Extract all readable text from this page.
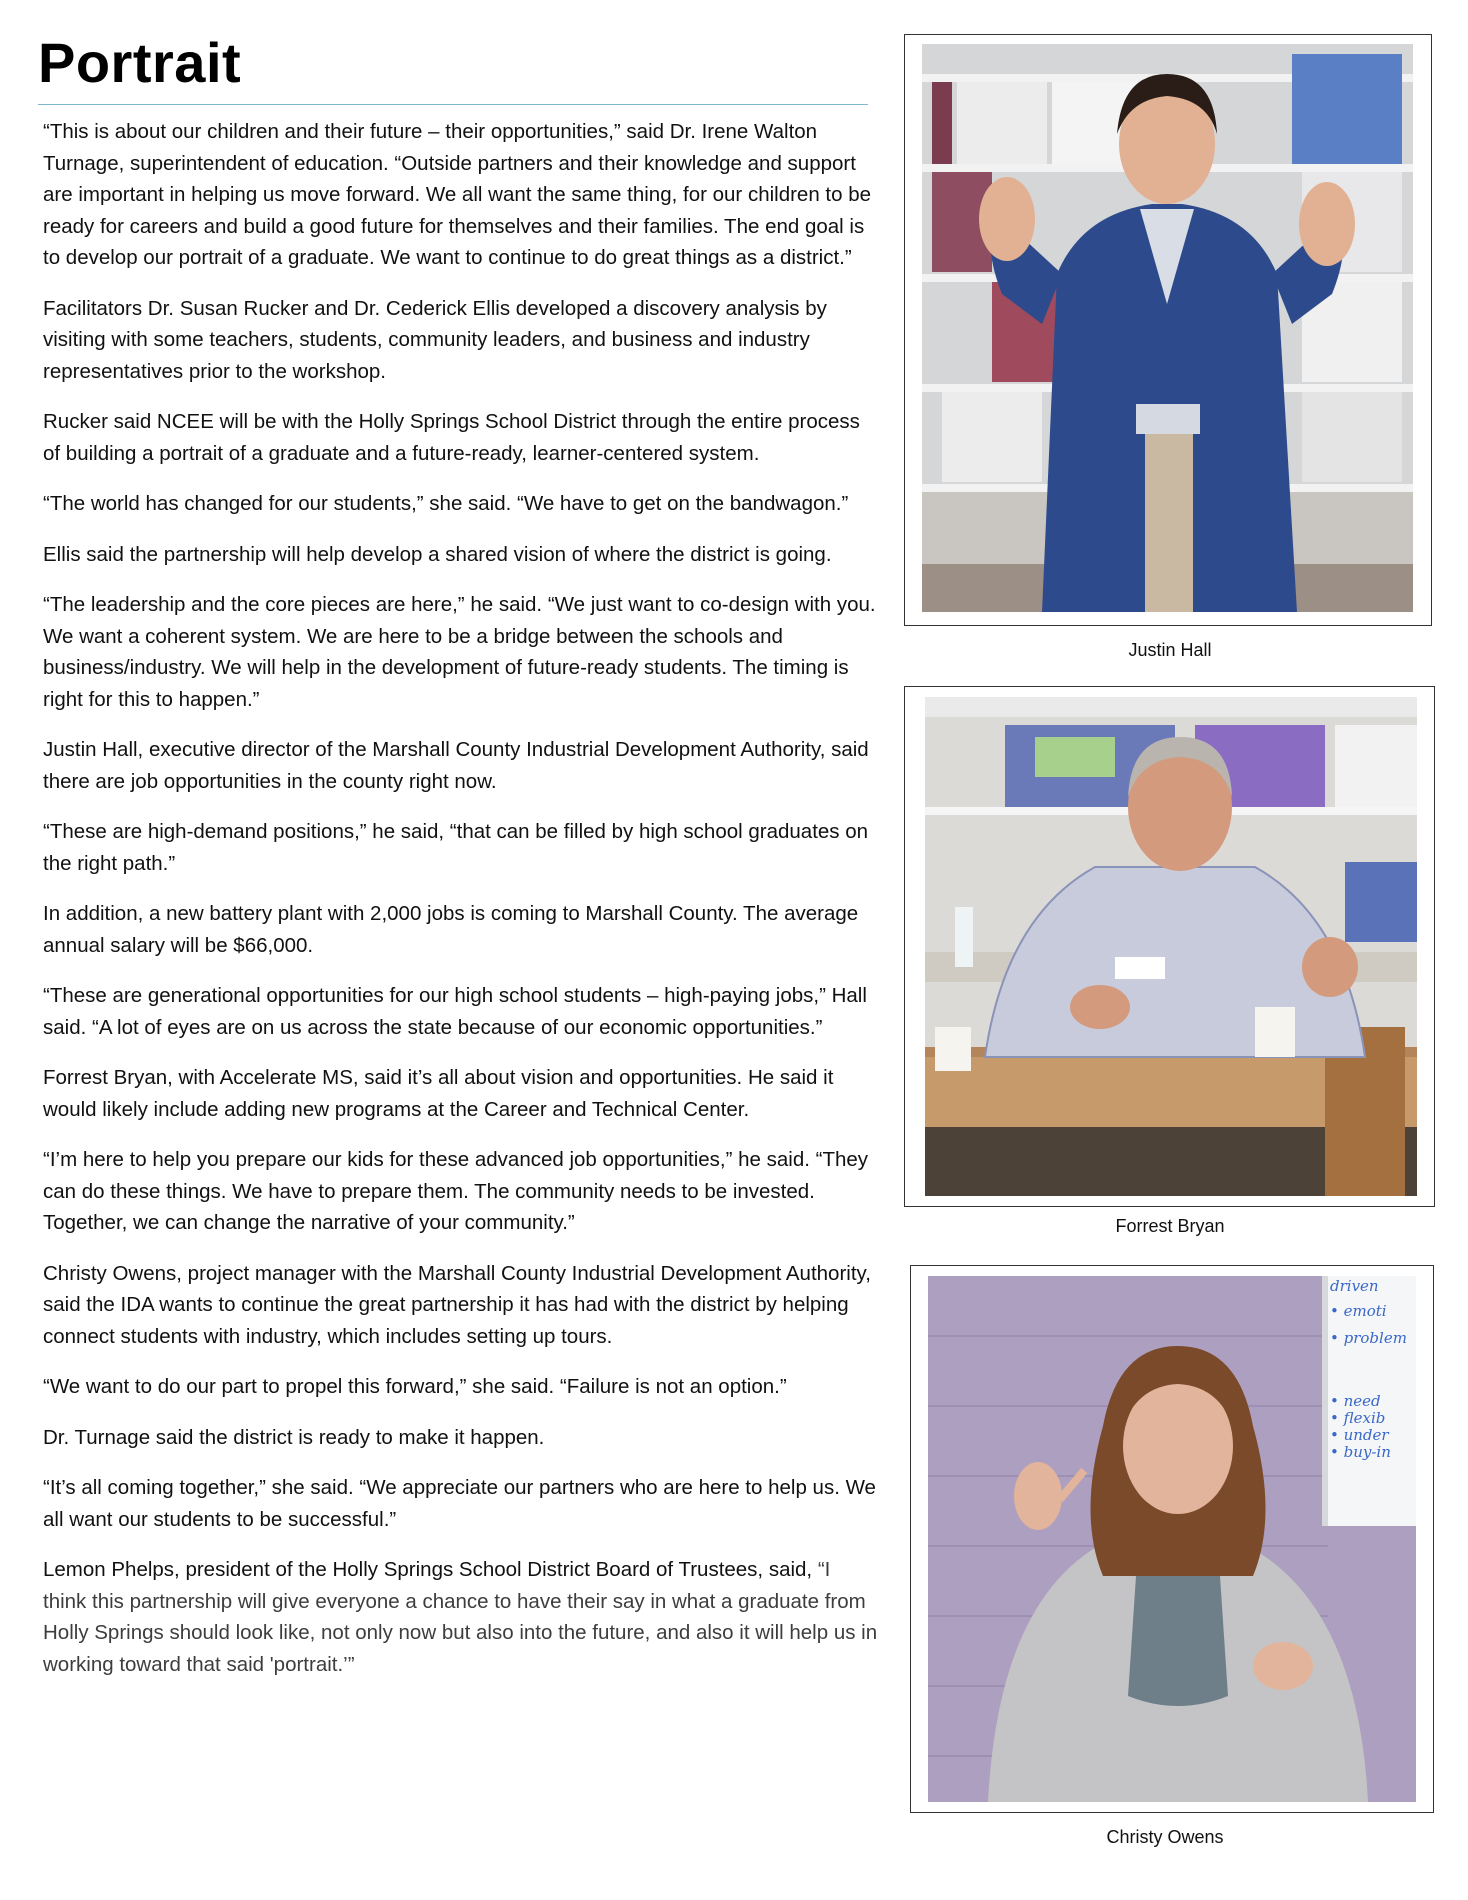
Portrait

“This is about our children and their future – their opportunities,” said Dr. Irene Walton Turnage, superintendent of education. “Outside partners and their knowledge and support are important in helping us move forward. We all want the same thing, for our children to be ready for careers and build a good future for themselves and their families. The end goal is to develop our portrait of a graduate. We want to continue to do great things as a district.”

Facilitators Dr. Susan Rucker and Dr. Cederick Ellis developed a discovery analysis by visiting with some teachers, students, community leaders, and business and industry representatives prior to the workshop.

Rucker said NCEE will be with the Holly Springs School District through the entire process of building a portrait of a graduate and a future-ready, learner-centered system.

“The world has changed for our students,” she said. “We have to get on the bandwagon.”

Ellis said the partnership will help develop a shared vision of where the district is going.

“The leadership and the core pieces are here,” he said. “We just want to co-design with you. We want a coherent system. We are here to be a bridge between the schools and business/industry. We will help in the development of future-ready students. The timing is right for this to happen.”

Justin Hall, executive director of the Marshall County Industrial Development Authority, said there are job opportunities in the county right now.

“These are high-demand positions,” he said, “that can be filled by high school graduates on the right path.”

In addition, a new battery plant with 2,000 jobs is coming to Marshall County. The average annual salary will be $66,000.

“These are generational opportunities for our high school students – high-paying jobs,” Hall said. “A lot of eyes are on us across the state because of our economic opportunities.”

Forrest Bryan, with Accelerate MS, said it’s all about vision and opportunities. He said it would likely include adding new programs at the Career and Technical Center.

“I’m here to help you prepare our kids for these advanced job opportunities,” he said. “They can do these things. We have to prepare them. The community needs to be invested. Together, we can change the narrative of your community.”

Christy Owens, project manager with the Marshall County Industrial Development Authority, said the IDA wants to continue the great partnership it has had with the district by helping connect students with industry, which includes setting up tours.

“We want to do our part to propel this forward,” she said. “Failure is not an option.”

Dr. Turnage said the district is ready to make it happen.

“It’s all coming together,” she said. “We appreciate our partners who are here to help us. We all want our students to be successful.”

Lemon Phelps, president of the Holly Springs School District Board of Trustees, said, “I think this partnership will give everyone a chance to have their say in what a graduate from Holly Springs should look like, not only now but also into the future, and also it will help us in working toward that said 'portrait.’”

Justin Hall
Forrest Bryan
driven
• emoti
• problem
• need
• flexib
• under
• buy-in
Christy Owens
